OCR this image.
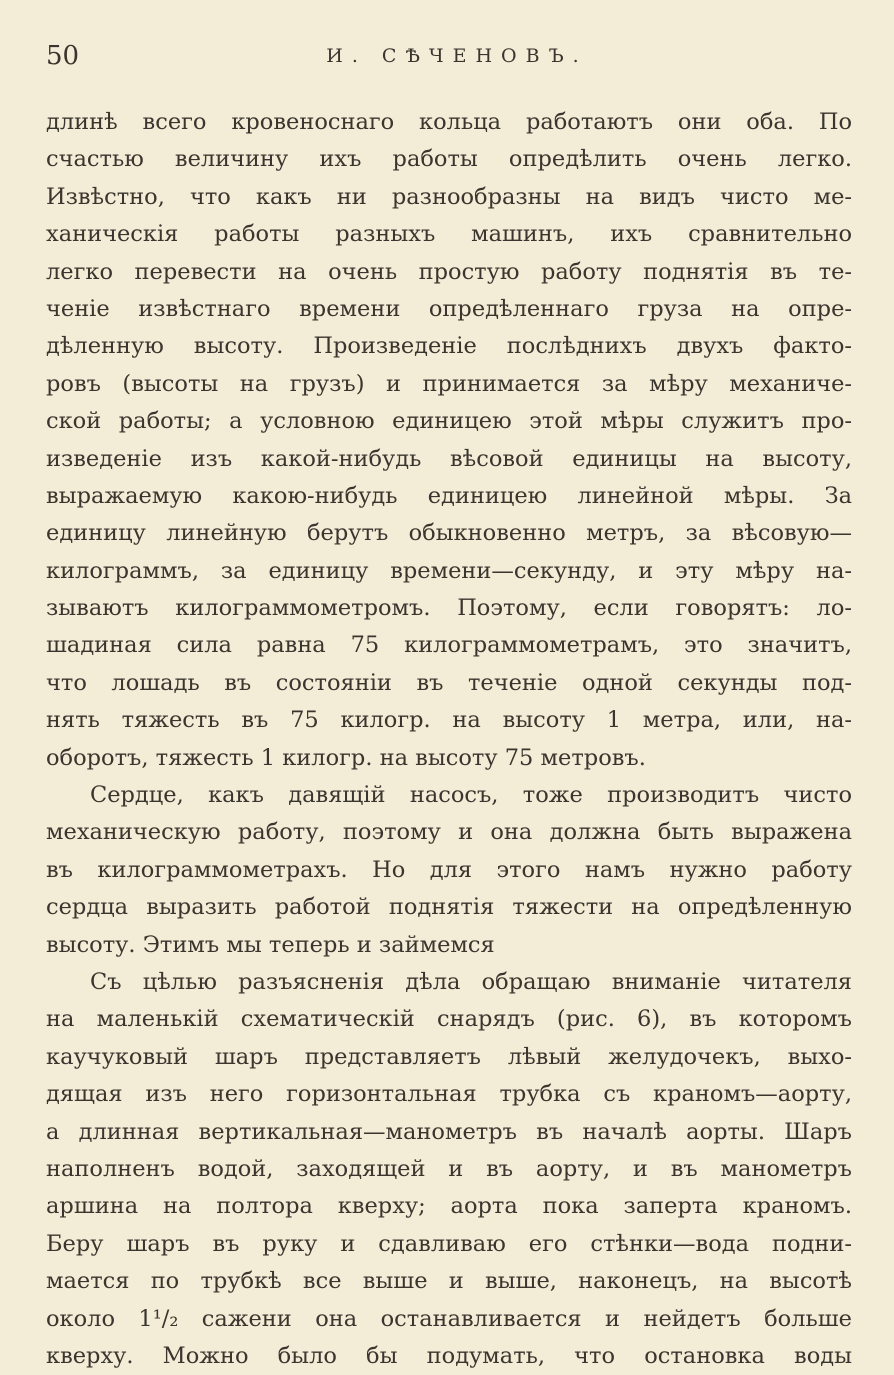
50	И. СѢЧЕНОВЪ.
длинѣ всего кровеноснаго кольца работаютъ они оба. По
счастью величину ихъ работы опредѣлить очень легко.
Извѣстно, что какъ ни разнообразны на видъ чисто ме-
ханическія работы разныхъ машинъ, ихъ сравнительно
легко перевести на очень простую работу поднятія въ те-
ченіе извѣстнаго времени опредѣленнаго груза на опре-
дѣленную высоту. Произведеніе послѣднихъ двухъ факто-
ровъ (высоты на грузъ) и принимается за мѣру механиче-
ской работы; а условною единицею этой мѣры служитъ про-
изведеніе изъ какой-нибудь вѣсовой единицы на высоту,
выражаемую какою-нибудь единицею линейной мѣры. За
единицу линейную берутъ обыкновенно метръ, за вѣсовую—
килограммъ, за единицу времени—секунду, и эту мѣру на-
зываютъ килограммометромъ. Поэтому, если говорятъ: ло-
шадиная сила равна 75 килограммометрамъ, это значитъ,
что лошадь въ состояніи въ теченіе одной секунды под-
нять тяжесть въ 75 килогр. на высоту 1 метра, или, на-
оборотъ, тяжесть 1 килогр. на высоту 75 метровъ.
Сердце, какъ давящій насосъ, тоже производитъ чисто
механическую работу, поэтому и она должна быть выражена
въ килограммометрахъ. Но для этого намъ нужно работу
сердца выразить работой поднятія тяжести на опредѣленную
высоту. Этимъ мы теперь и займемся
Съ цѣлью разъясненія дѣла обращаю вниманіе читателя
на маленькій схематическій снарядъ (рис. 6), въ которомъ
каучуковый шаръ представляетъ лѣвый желудочекъ, выхо-
дящая изъ него горизонтальная трубка съ краномъ—аорту,
а длинная вертикальная—манометръ въ началѣ аорты. Шаръ
наполненъ водой, заходящей и въ аорту, и въ манометръ
аршина на полтора кверху; аорта пока заперта краномъ.
Беру шаръ въ руку и сдавливаю его стѣнки—вода подни-
мается по трубкѣ все выше и выше, наконецъ, на высотѣ
около 1¹/₂ сажени она останавливается и нейдетъ больше
кверху. Можно было бы подумать, что остановка воды
